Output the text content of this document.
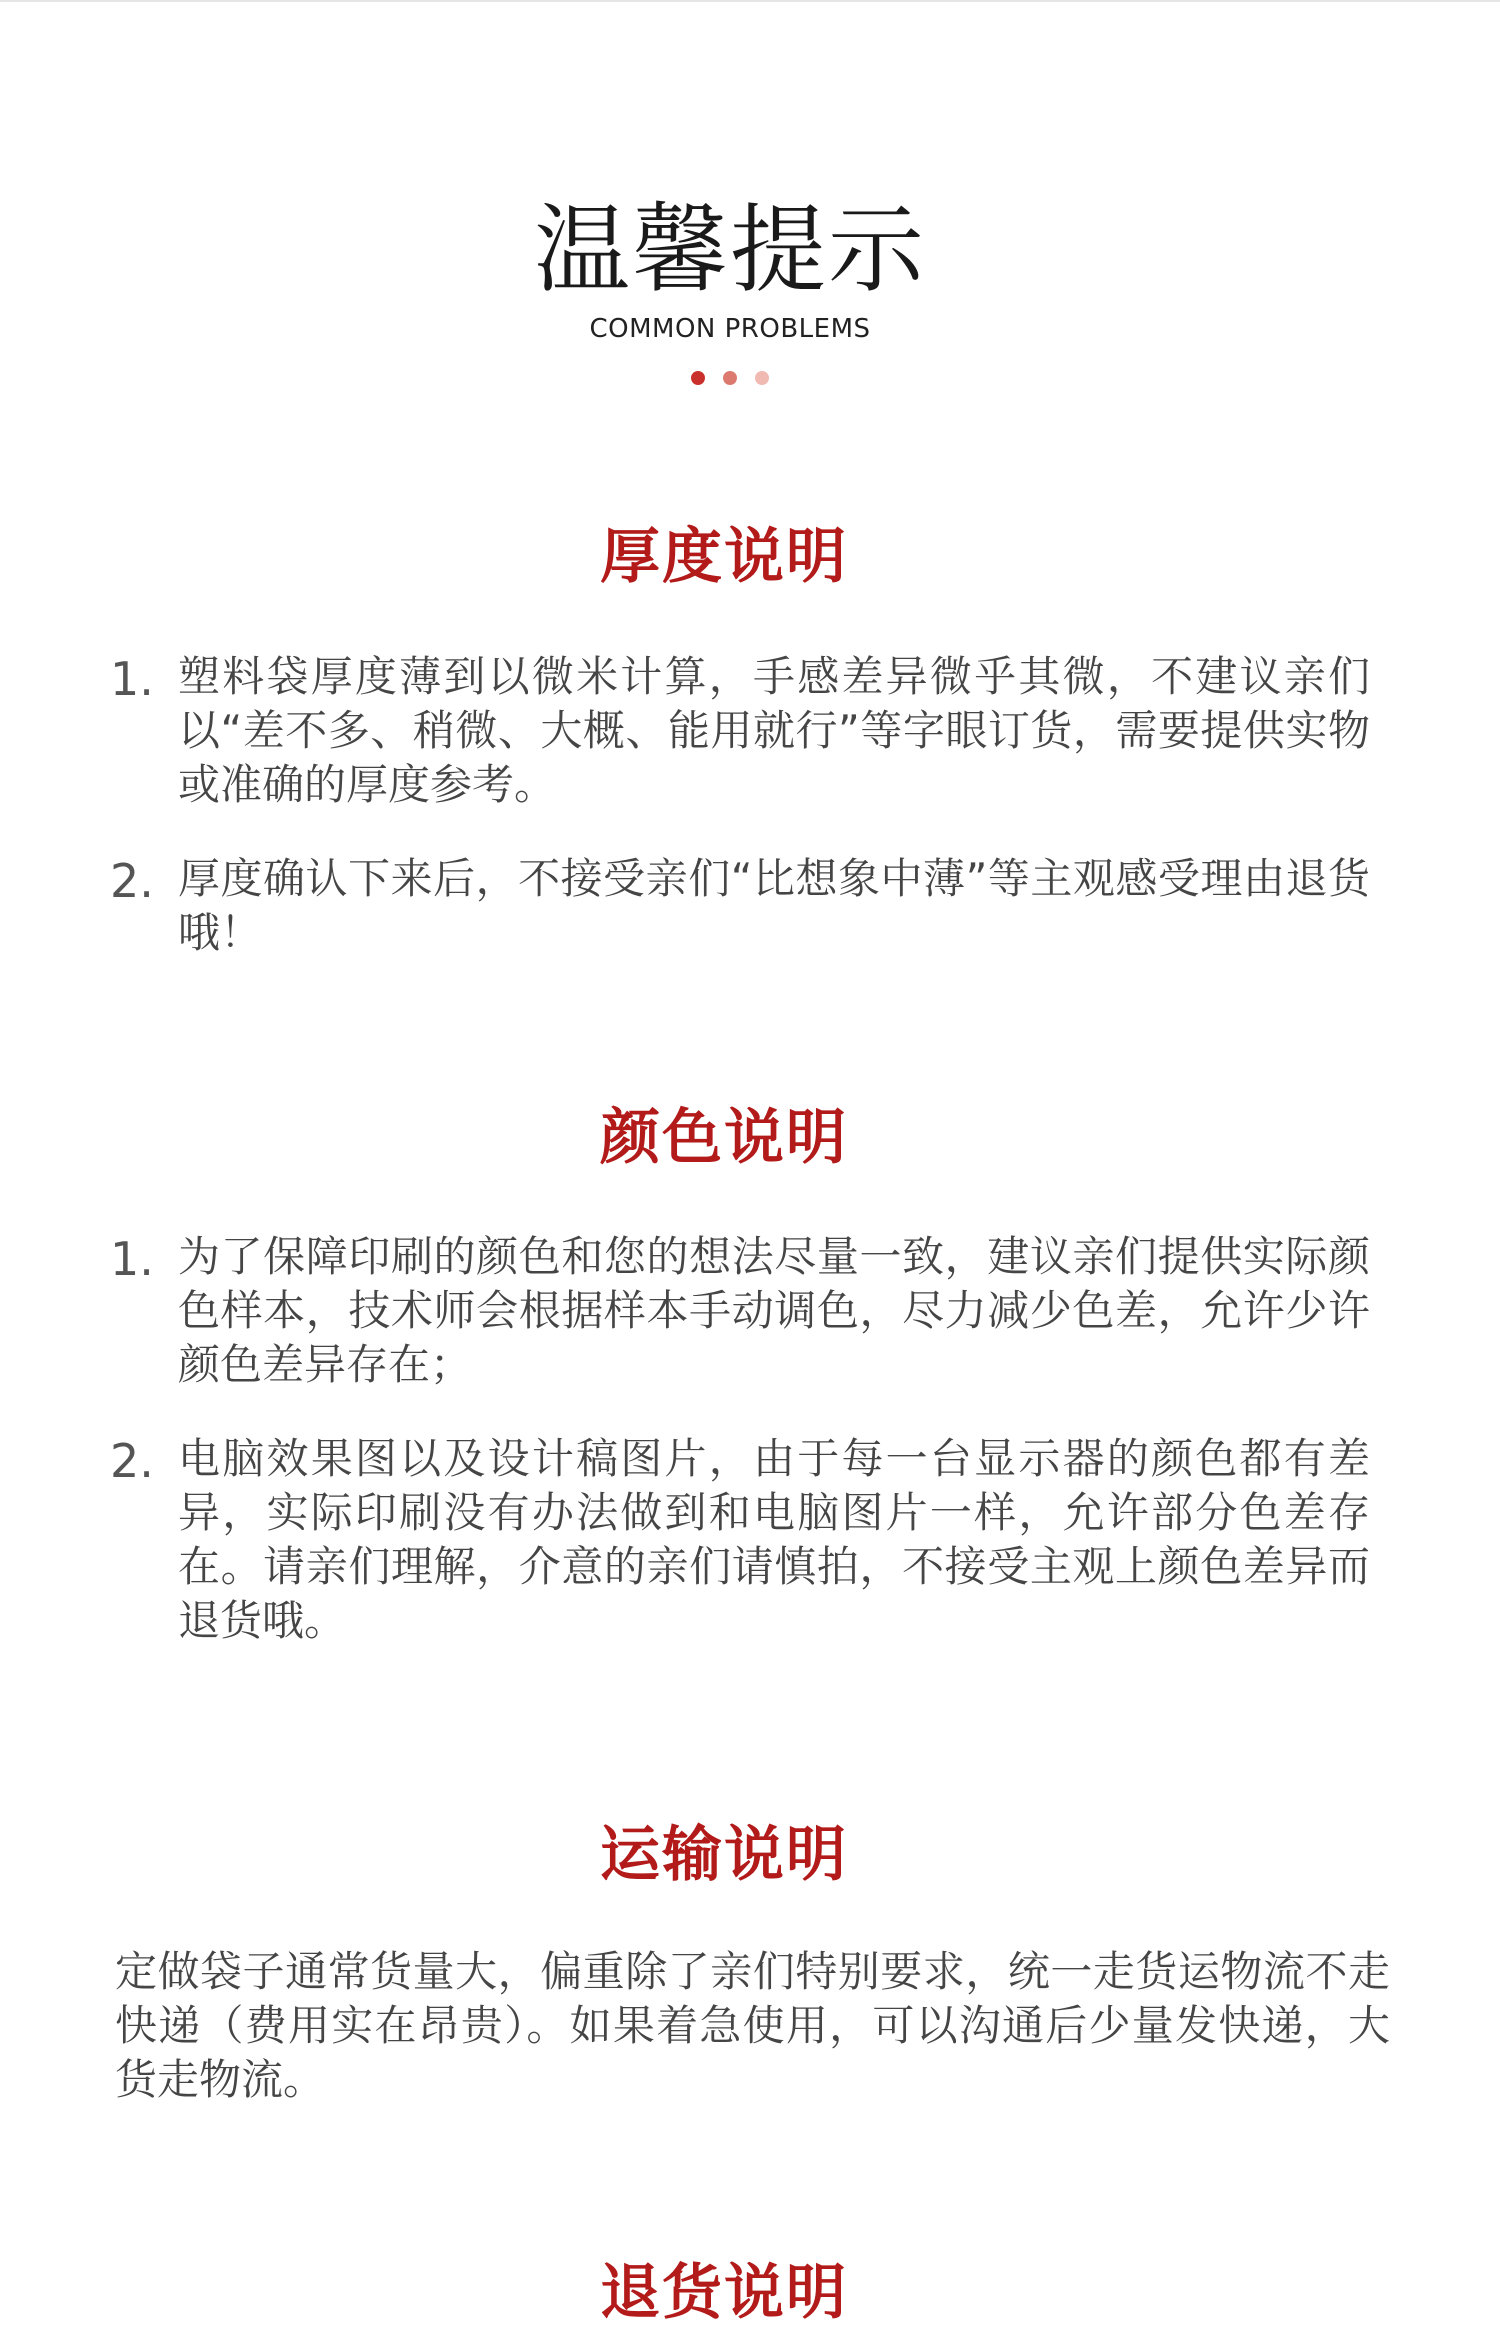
温馨提示
COMMON PROBLEMS
厚度说明
1. 塑料袋厚度薄到以微米计算，手感差异微乎其微，不建议亲们以“差不多、稍微、大概、能用就行”等字眼订货，需要提供实物或准确的厚度参考。
2. 厚度确认下来后，不接受亲们“比想象中薄”等主观感受理由退货哦！
颜色说明
1. 为了保障印刷的颜色和您的想法尽量一致，建议亲们提供实际颜色样本，技术师会根据样本手动调色，尽力减少色差，允许少许颜色差异存在；
2. 电脑效果图以及设计稿图片，由于每一台显示器的颜色都有差异，实际印刷没有办法做到和电脑图片一样，允许部分色差存在。请亲们理解，介意的亲们请慎拍，不接受主观上颜色差异而退货哦。
运输说明

定做袋子通常货量大，偏重除了亲们特别要求，统一走货运物流不走快递（费用实在昂贵）。如果着急使用，可以沟通后少量发快递，大货走物流。

退货说明
